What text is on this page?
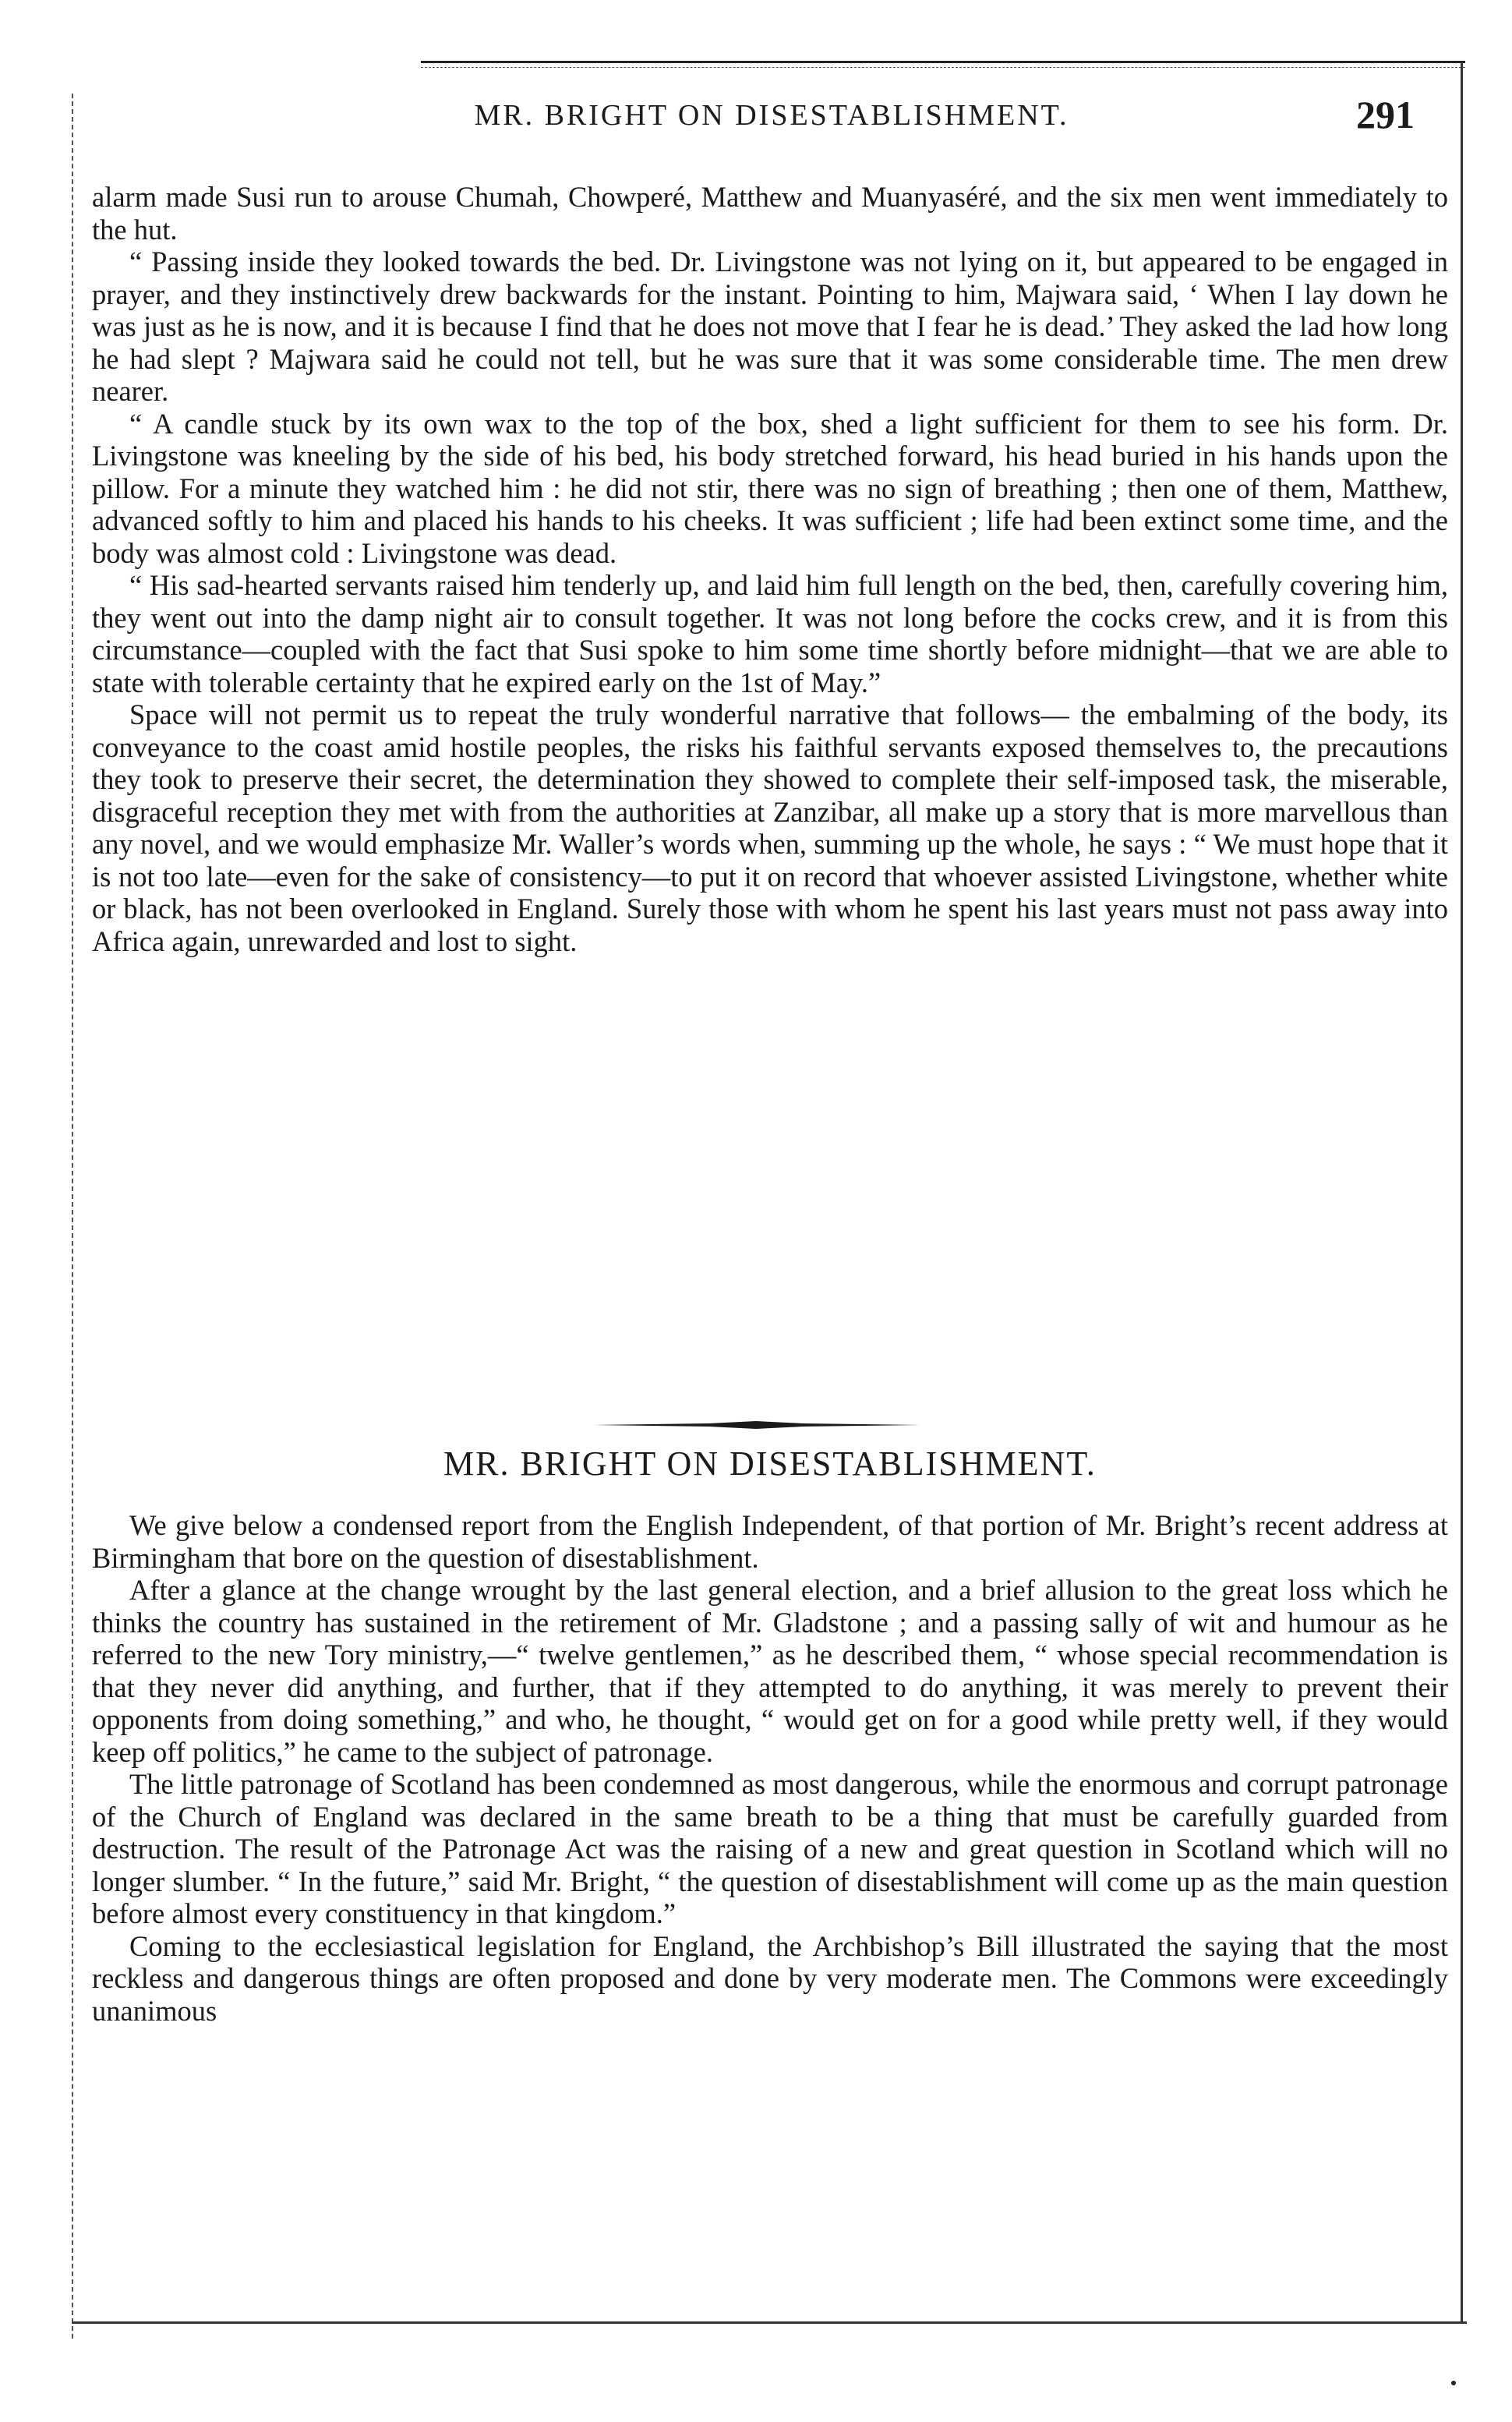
MR. BRIGHT ON DISESTABLISHMENT.	291

alarm made Susi run to arouse Chumah, Chowperé, Matthew and Muanyaséré, and the six men went immediately to the hut.

“ Passing inside they looked towards the bed. Dr. Livingstone was not lying on it, but appeared to be engaged in prayer, and they instinctively drew backwards for the instant. Pointing to him, Majwara said, ‘ When I lay down he was just as he is now, and it is because I find that he does not move that I fear he is dead.’ They asked the lad how long he had slept ? Majwara said he could not tell, but he was sure that it was some considerable time. The men drew nearer.

“ A candle stuck by its own wax to the top of the box, shed a light sufficient for them to see his form. Dr. Livingstone was kneeling by the side of his bed, his body stretched forward, his head buried in his hands upon the pillow. For a minute they watched him : he did not stir, there was no sign of breathing ; then one of them, Matthew, advanced softly to him and placed his hands to his cheeks. It was sufficient ; life had been extinct some time, and the body was almost cold : Livingstone was dead.

“ His sad-hearted servants raised him tenderly up, and laid him full length on the bed, then, carefully covering him, they went out into the damp night air to consult together. It was not long before the cocks crew, and it is from this circumstance—coupled with the fact that Susi spoke to him some time shortly before midnight—that we are able to state with tolerable certainty that he expired early on the 1st of May.”

Space will not permit us to repeat the truly wonderful narrative that follows— the embalming of the body, its conveyance to the coast amid hostile peoples, the risks his faithful servants exposed themselves to, the precautions they took to preserve their secret, the determination they showed to complete their self-imposed task, the miserable, disgraceful reception they met with from the authorities at Zanzibar, all make up a story that is more marvellous than any novel, and we would emphasize Mr. Waller’s words when, summing up the whole, he says : “ We must hope that it is not too late—even for the sake of consistency—to put it on record that whoever assisted Livingstone, whether white or black, has not been overlooked in England. Surely those with whom he spent his last years must not pass away into Africa again, unrewarded and lost to sight.

MR. BRIGHT ON DISESTABLISHMENT.

We give below a condensed report from the English Independent, of that portion of Mr. Bright’s recent address at Birmingham that bore on the question of disestablishment.

After a glance at the change wrought by the last general election, and a brief allusion to the great loss which he thinks the country has sustained in the retirement of Mr. Gladstone ; and a passing sally of wit and humour as he referred to the new Tory ministry,—“ twelve gentlemen,” as he described them, “ whose special recommendation is that they never did anything, and further, that if they attempted to do anything, it was merely to prevent their opponents from doing something,” and who, he thought, “ would get on for a good while pretty well, if they would keep off politics,” he came to the subject of patronage.

The little patronage of Scotland has been condemned as most dangerous, while the enormous and corrupt patronage of the Church of England was declared in the same breath to be a thing that must be carefully guarded from destruction. The result of the Patronage Act was the raising of a new and great question in Scotland which will no longer slumber. “ In the future,” said Mr. Bright, “ the question of disestablishment will come up as the main question before almost every constituency in that kingdom.”

Coming to the ecclesiastical legislation for England, the Archbishop’s Bill illustrated the saying that the most reckless and dangerous things are often proposed and done by very moderate men. The Commons were exceedingly unanimous
